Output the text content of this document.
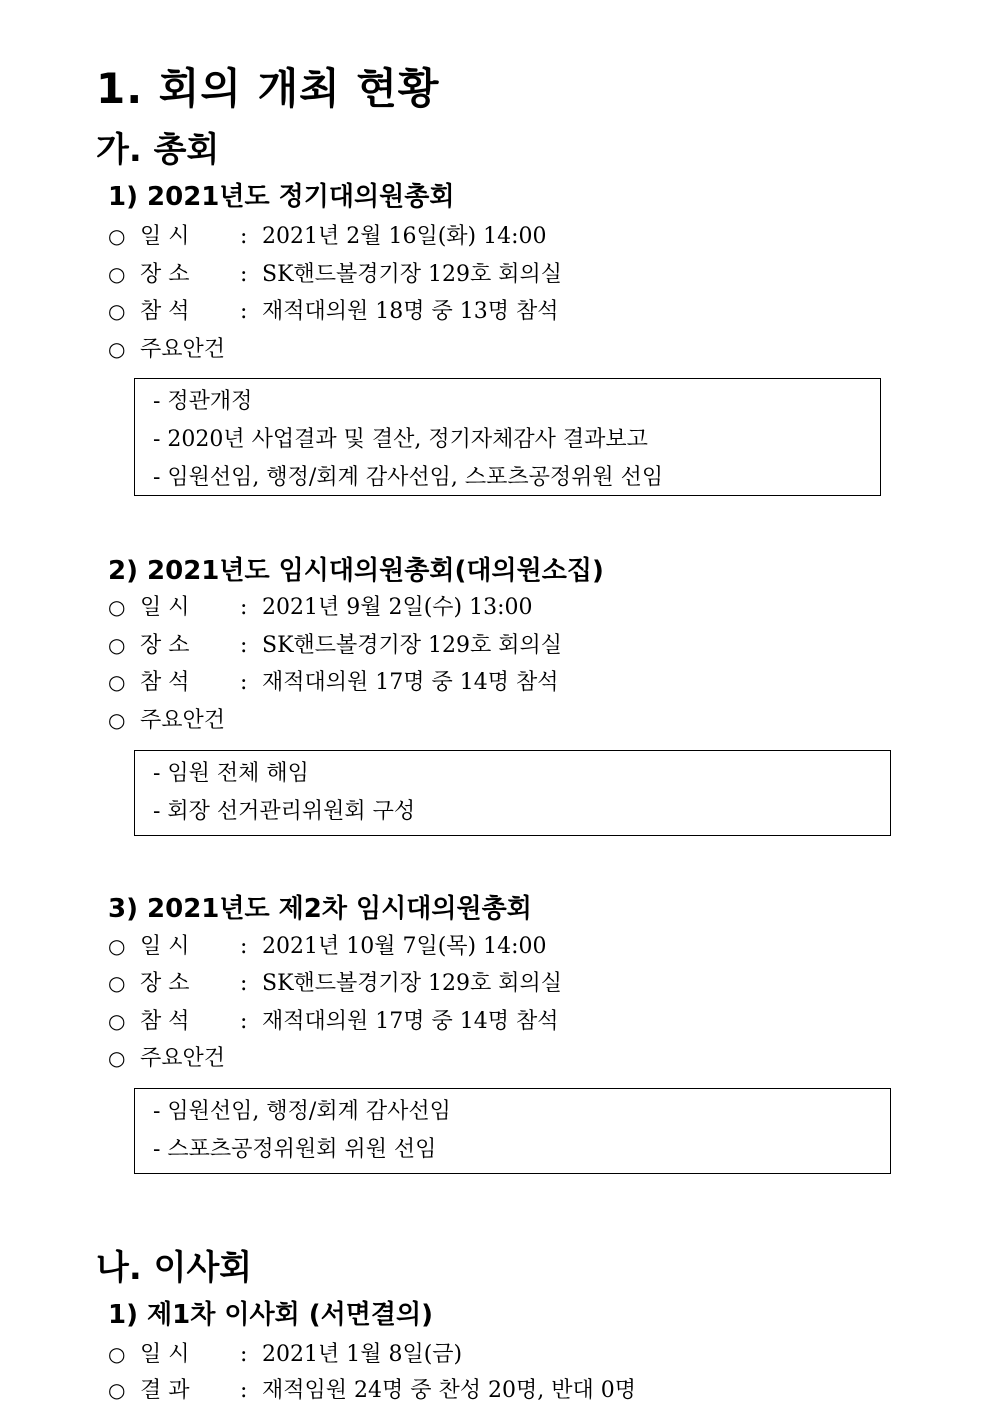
1. 회의 개최 현황
가. 총회
1) 2021년도 정기대의원총회
○ 일 시 : 2021년 2월 16일(화) 14:00
○ 장 소 : SK핸드볼경기장 129호 회의실
○ 참 석 : 재적대의원 18명 중 13명 참석
○ 주요안건
- 정관개정
- 2020년 사업결과 및 결산, 정기자체감사 결과보고
- 임원선임, 행정/회계 감사선임, 스포츠공정위원 선임
2) 2021년도 임시대의원총회(대의원소집)
○ 일 시 : 2021년 9월 2일(수) 13:00
○ 장 소 : SK핸드볼경기장 129호 회의실
○ 참 석 : 재적대의원 17명 중 14명 참석
○ 주요안건
- 임원 전체 해임
- 회장 선거관리위원회 구성
3) 2021년도 제2차 임시대의원총회
○ 일 시 : 2021년 10월 7일(목) 14:00
○ 장 소 : SK핸드볼경기장 129호 회의실
○ 참 석 : 재적대의원 17명 중 14명 참석
○ 주요안건
- 임원선임, 행정/회계 감사선임
- 스포츠공정위원회 위원 선임
나. 이사회
1) 제1차 이사회 (서면결의)
○ 일 시 : 2021년 1월 8일(금)
○ 결 과 : 재적임원 24명 중 찬성 20명, 반대 0명
